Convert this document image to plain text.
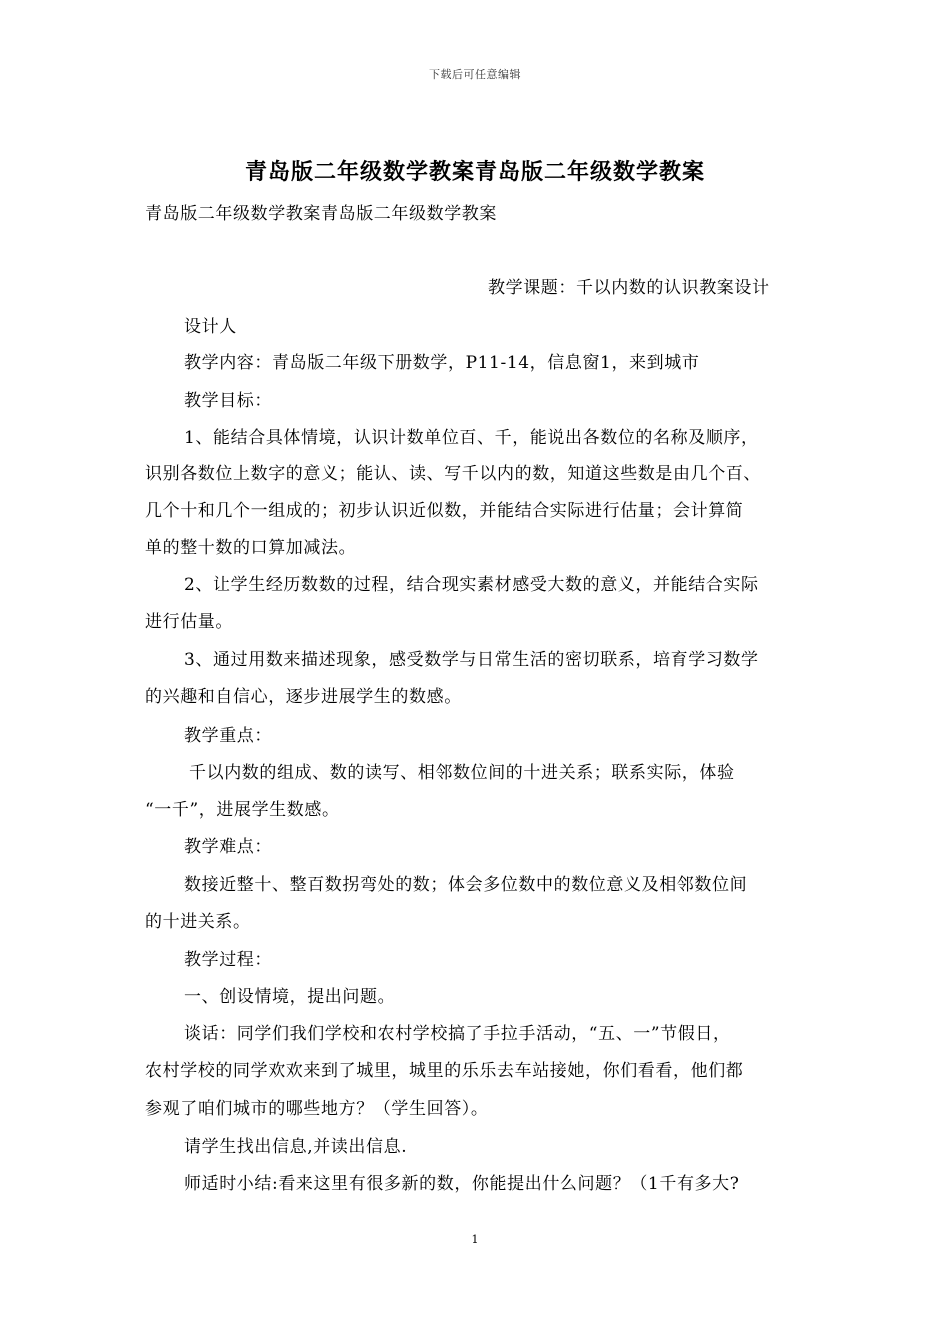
下载后可任意编辑
青岛版二年级数学教案青岛版二年级数学教案
青岛版二年级数学教案青岛版二年级数学教案
教学课题：千以内数的认识教案设计
设计人
教学内容：青岛版二年级下册数学，P11-14，信息窗1，来到城市
教学目标：
1、能结合具体情境，认识计数单位百、千，能说出各数位的名称及顺序，
识别各数位上数字的意义；能认、读、写千以内的数，知道这些数是由几个百、
几个十和几个一组成的；初步认识近似数，并能结合实际进行估量；会计算简
单的整十数的口算加减法。
2、让学生经历数数的过程，结合现实素材感受大数的意义，并能结合实际
进行估量。
3、通过用数来描述现象，感受数学与日常生活的密切联系，培育学习数学
的兴趣和自信心，逐步进展学生的数感。
教学重点：
千以内数的组成、数的读写、相邻数位间的十进关系；联系实际，体验
“一千”，进展学生数感。
教学难点：
数接近整十、整百数拐弯处的数；体会多位数中的数位意义及相邻数位间
的十进关系。
教学过程：
一、创设情境，提出问题。
谈话：同学们我们学校和农村学校搞了手拉手活动，“五、一”节假日，
农村学校的同学欢欢来到了城里，城里的乐乐去车站接她，你们看看，他们都
参观了咱们城市的哪些地方？（学生回答）。
请学生找出信息,并读出信息.
师适时小结:看来这里有很多新的数，你能提出什么问题？（1千有多大?
1
